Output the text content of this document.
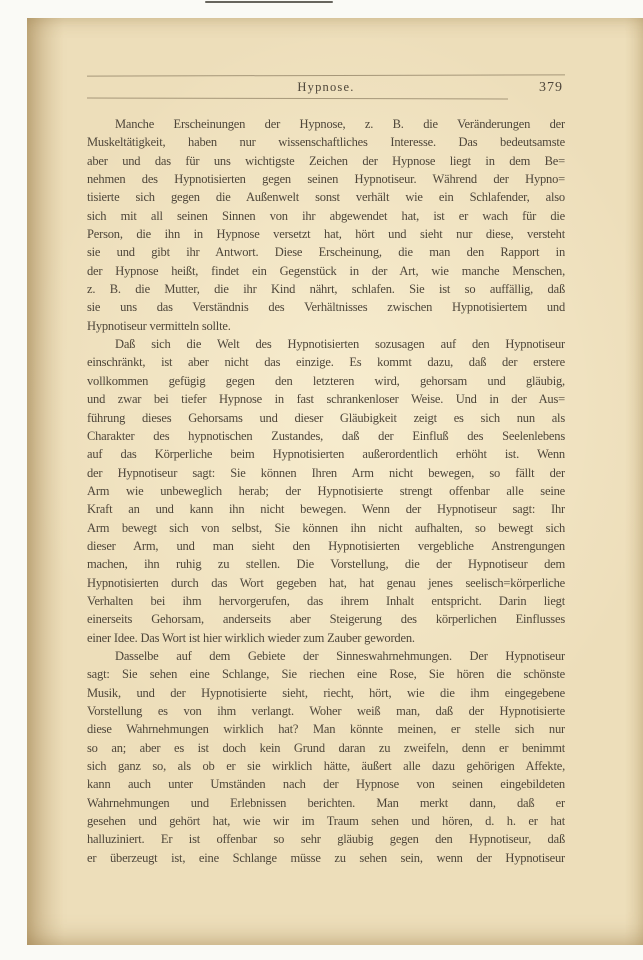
Hypnose.	379
Manche Erscheinungen der Hypnose, z. B. die Veränderungen der
Muskeltätigkeit, haben nur wissenschaftliches Interesse. Das bedeutsamste
aber und das für uns wichtigste Zeichen der Hypnose liegt in dem Be=
nehmen des Hypnotisierten gegen seinen Hypnotiseur. Während der Hypno=
tisierte sich gegen die Außenwelt sonst verhält wie ein Schlafender, also
sich mit all seinen Sinnen von ihr abgewendet hat, ist er wach für die
Person, die ihn in Hypnose versetzt hat, hört und sieht nur diese, versteht
sie und gibt ihr Antwort. Diese Erscheinung, die man den Rapport in
der Hypnose heißt, findet ein Gegenstück in der Art, wie manche Menschen,
z. B. die Mutter, die ihr Kind nährt, schlafen. Sie ist so auffällig, daß
sie uns das Verständnis des Verhältnisses zwischen Hypnotisiertem und
Hypnotiseur vermitteln sollte.
Daß sich die Welt des Hypnotisierten sozusagen auf den Hypnotiseur
einschränkt, ist aber nicht das einzige. Es kommt dazu, daß der erstere
vollkommen gefügig gegen den letzteren wird, gehorsam und gläubig,
und zwar bei tiefer Hypnose in fast schrankenloser Weise. Und in der Aus=
führung dieses Gehorsams und dieser Gläubigkeit zeigt es sich nun als
Charakter des hypnotischen Zustandes, daß der Einfluß des Seelenlebens
auf das Körperliche beim Hypnotisierten außerordentlich erhöht ist. Wenn
der Hypnotiseur sagt: Sie können Ihren Arm nicht bewegen, so fällt der
Arm wie unbeweglich herab; der Hypnotisierte strengt offenbar alle seine
Kraft an und kann ihn nicht bewegen. Wenn der Hypnotiseur sagt: Ihr
Arm bewegt sich von selbst, Sie können ihn nicht aufhalten, so bewegt sich
dieser Arm, und man sieht den Hypnotisierten vergebliche Anstrengungen
machen, ihn ruhig zu stellen. Die Vorstellung, die der Hypnotiseur dem
Hypnotisierten durch das Wort gegeben hat, hat genau jenes seelisch=körperliche
Verhalten bei ihm hervorgerufen, das ihrem Inhalt entspricht. Darin liegt
einerseits Gehorsam, anderseits aber Steigerung des körperlichen Einflusses
einer Idee. Das Wort ist hier wirklich wieder zum Zauber geworden.
Dasselbe auf dem Gebiete der Sinneswahrnehmungen. Der Hypnotiseur
sagt: Sie sehen eine Schlange, Sie riechen eine Rose, Sie hören die schönste
Musik, und der Hypnotisierte sieht, riecht, hört, wie die ihm eingegebene
Vorstellung es von ihm verlangt. Woher weiß man, daß der Hypnotisierte
diese Wahrnehmungen wirklich hat? Man könnte meinen, er stelle sich nur
so an; aber es ist doch kein Grund daran zu zweifeln, denn er benimmt
sich ganz so, als ob er sie wirklich hätte, äußert alle dazu gehörigen Affekte,
kann auch unter Umständen nach der Hypnose von seinen eingebildeten
Wahrnehmungen und Erlebnissen berichten. Man merkt dann, daß er
gesehen und gehört hat, wie wir im Traum sehen und hören, d. h. er hat
halluziniert. Er ist offenbar so sehr gläubig gegen den Hypnotiseur, daß
er überzeugt ist, eine Schlange müsse zu sehen sein, wenn der Hypnotiseur
